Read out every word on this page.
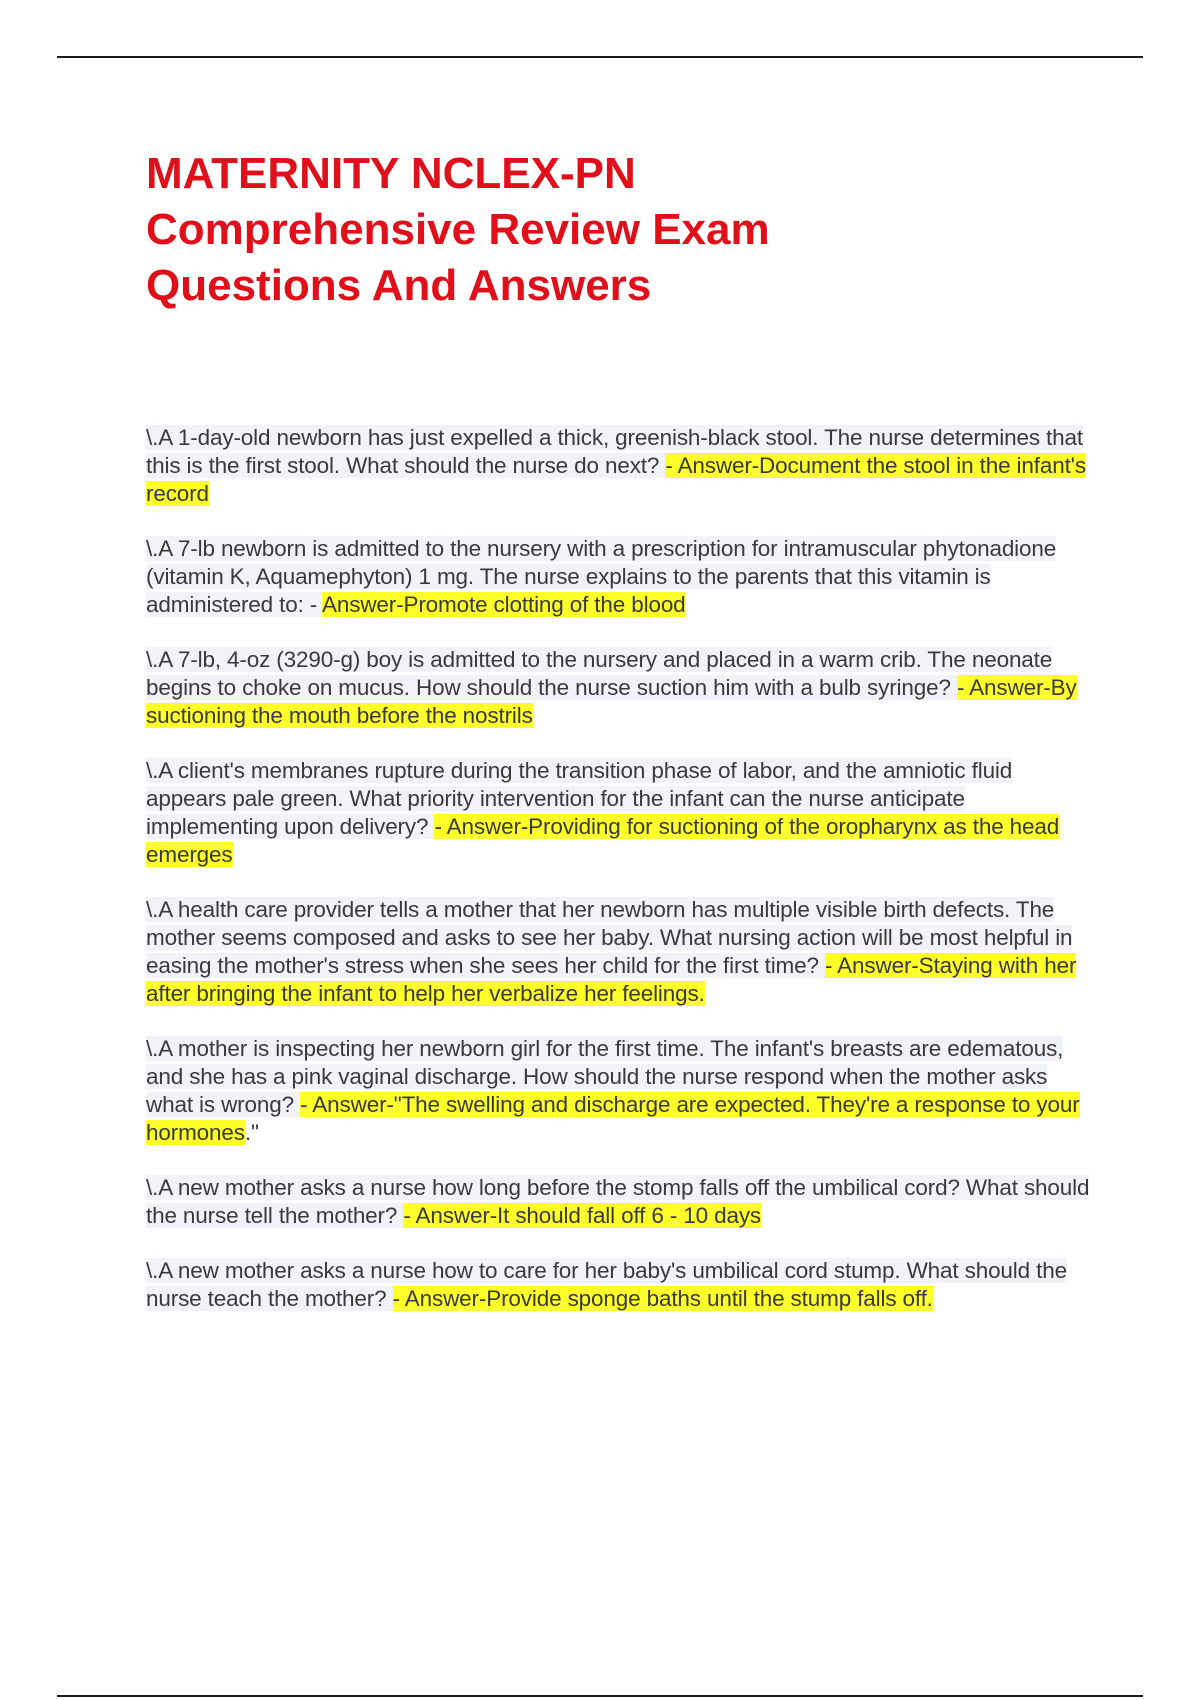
MATERNITY NCLEX-PN
Comprehensive Review Exam
Questions And Answers

\.A 1-day-old newborn has just expelled a thick, greenish-black stool. The nurse determines that this is the first stool. What should the nurse do next? - Answer-Document the stool in the infant's record

\.A 7-lb newborn is admitted to the nursery with a prescription for intramuscular phytonadione (vitamin K, Aquamephyton) 1 mg. The nurse explains to the parents that this vitamin is administered to: - Answer-Promote clotting of the blood

\.A 7-lb, 4-oz (3290-g) boy is admitted to the nursery and placed in a warm crib. The neonate begins to choke on mucus. How should the nurse suction him with a bulb syringe? - Answer-By suctioning the mouth before the nostrils

\.A client's membranes rupture during the transition phase of labor, and the amniotic fluid appears pale green. What priority intervention for the infant can the nurse anticipate implementing upon delivery? - Answer-Providing for suctioning of the oropharynx as the head emerges

\.A health care provider tells a mother that her newborn has multiple visible birth defects. The mother seems composed and asks to see her baby. What nursing action will be most helpful in easing the mother's stress when she sees her child for the first time? - Answer-Staying with her after bringing the infant to help her verbalize her feelings.

\.A mother is inspecting her newborn girl for the first time. The infant's breasts are edematous, and she has a pink vaginal discharge. How should the nurse respond when the mother asks what is wrong? - Answer-"The swelling and discharge are expected. They're a response to your hormones."

\.A new mother asks a nurse how long before the stomp falls off the umbilical cord? What should the nurse tell the mother? - Answer-It should fall off 6 - 10 days

\.A new mother asks a nurse how to care for her baby's umbilical cord stump. What should the nurse teach the mother? - Answer-Provide sponge baths until the stump falls off.
